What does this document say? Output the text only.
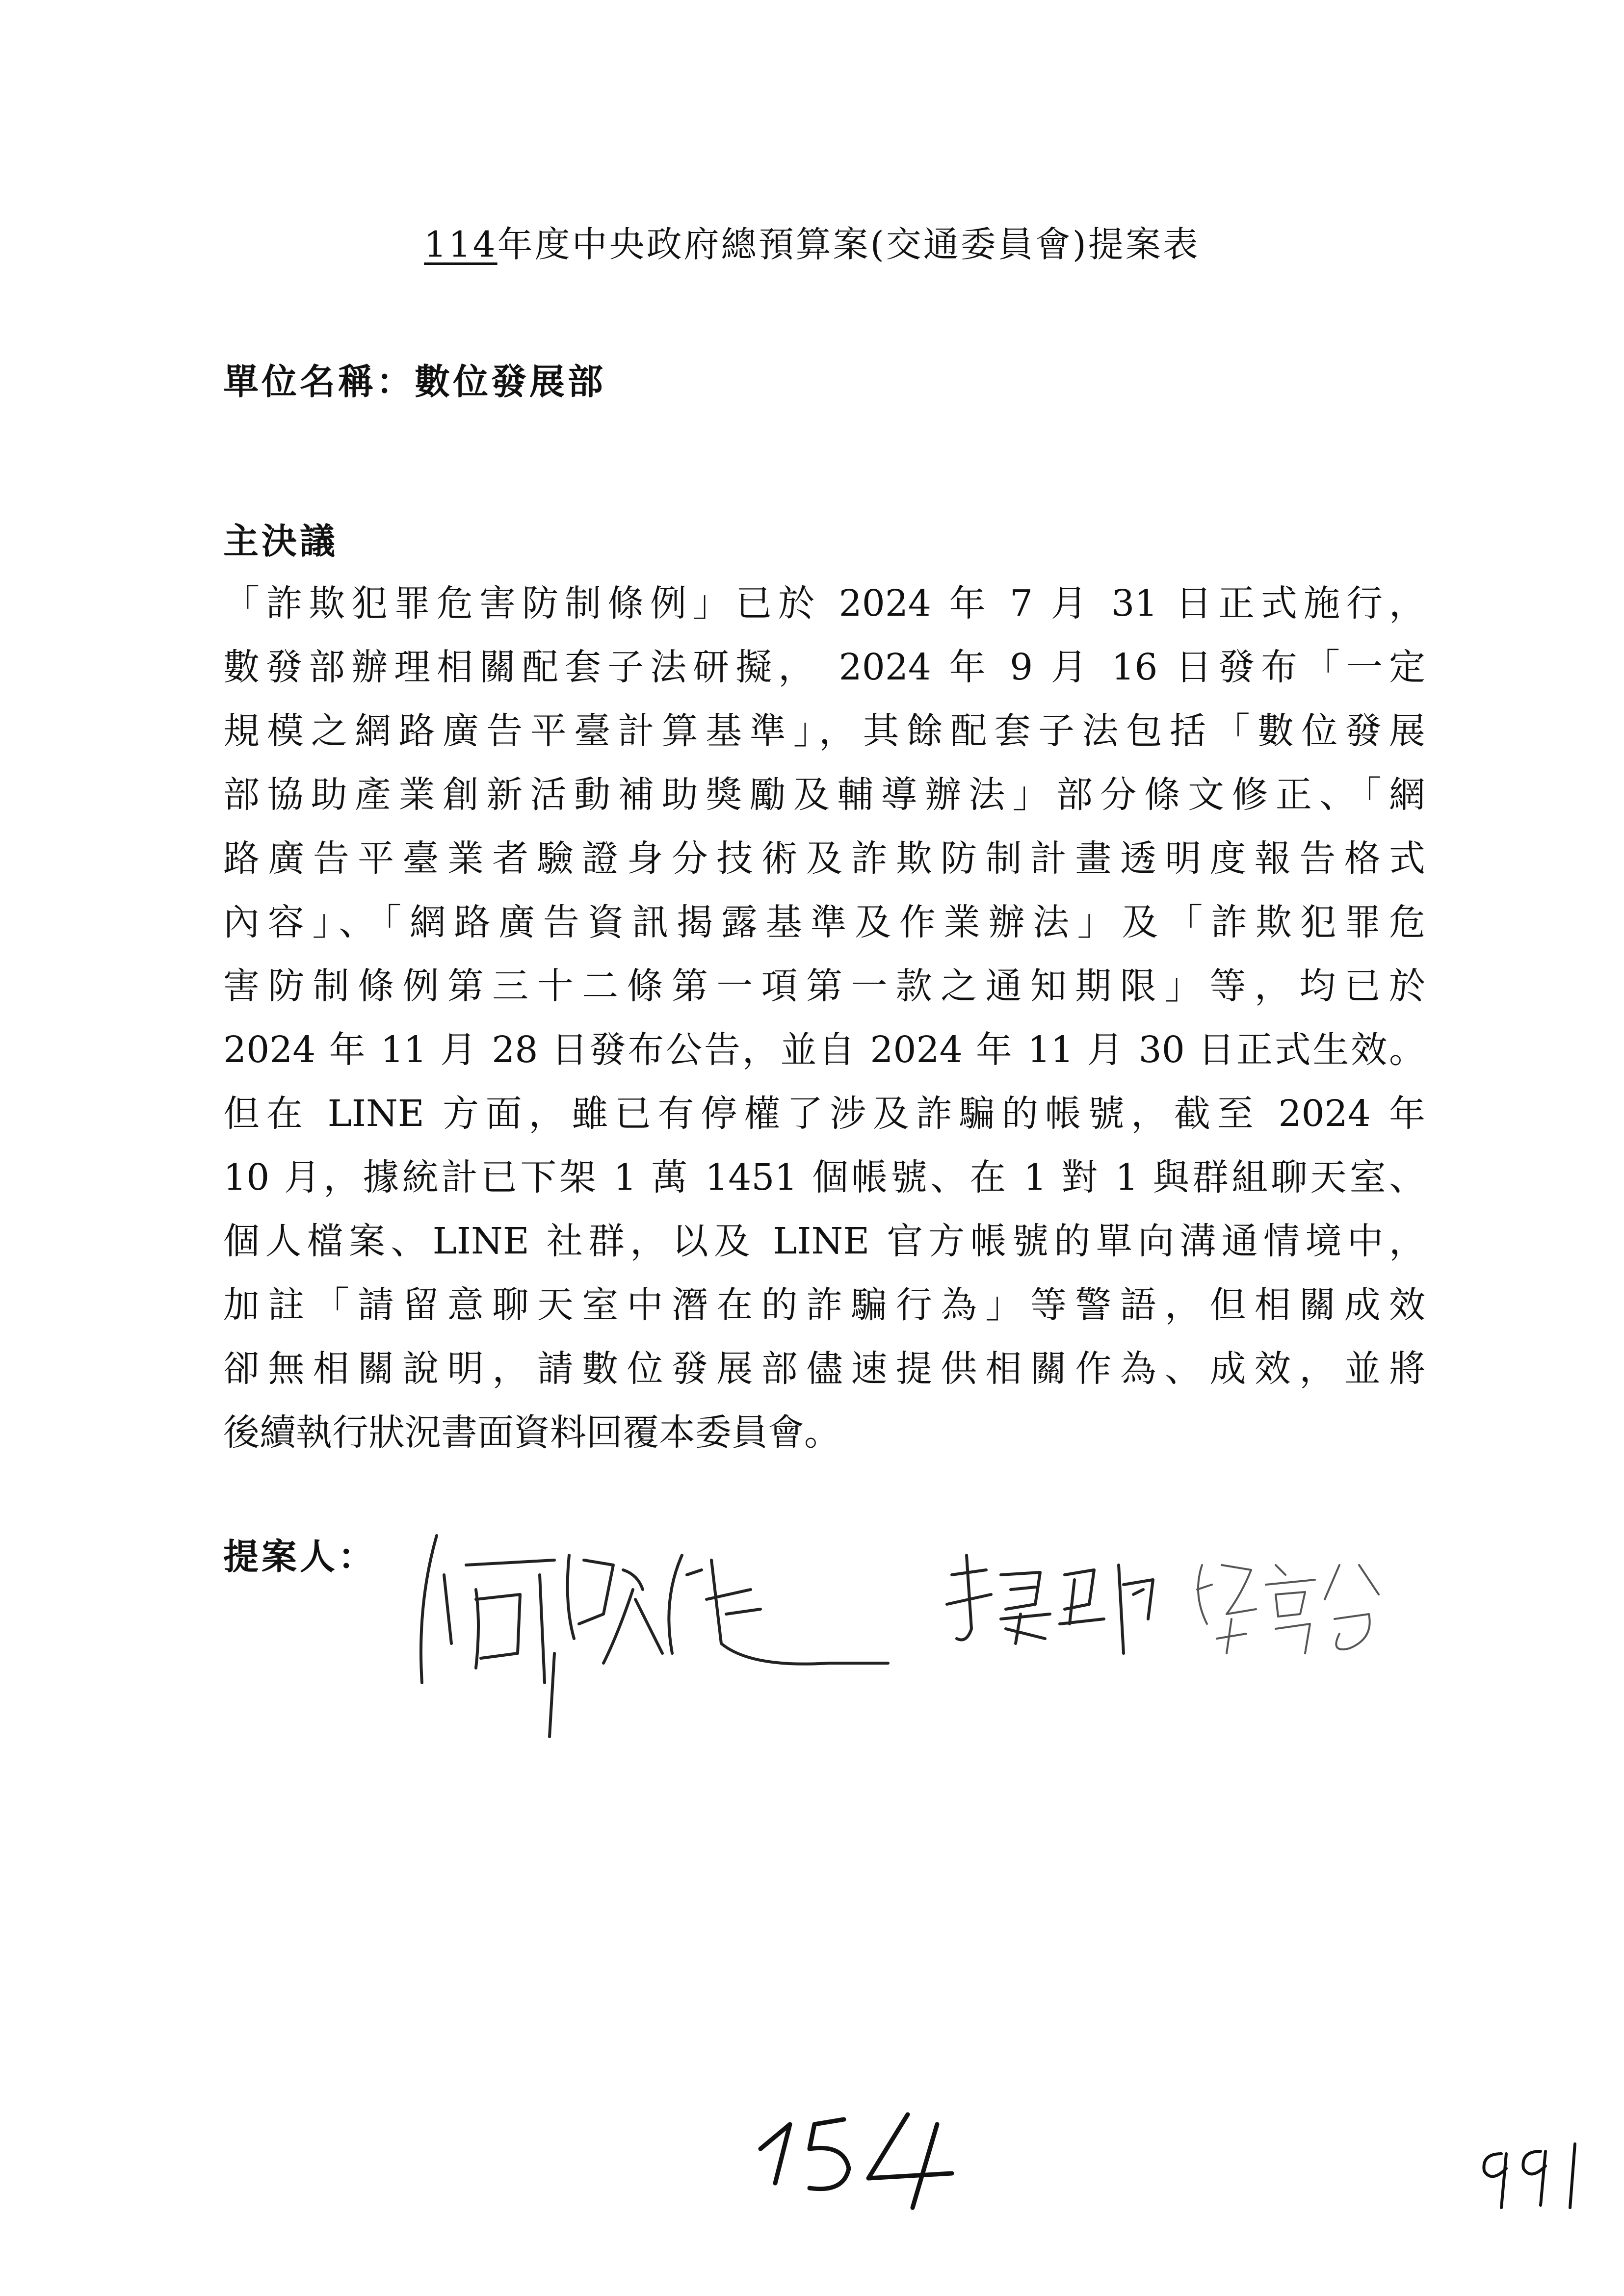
114年度中央政府總預算案(交通委員會)提案表
單位名稱：數位發展部
主決議
「詐欺犯罪危害防制條例」已於 2024 年 7 月 31 日正式施行，
數發部辦理相關配套子法研擬， 2024 年 9 月 16 日發布「一定
規模之網路廣告平臺計算基準」，其餘配套子法包括「數位發展
部協助產業創新活動補助獎勵及輔導辦法」部分條文修正、「網
路廣告平臺業者驗證身分技術及詐欺防制計畫透明度報告格式
內容」、「網路廣告資訊揭露基準及作業辦法」及「詐欺犯罪危
害防制條例第三十二條第一項第一款之通知期限」等，均已於
2024 年 11 月 28 日發布公告，並自 2024 年 11 月 30 日正式生效。
但在 LINE 方面，雖已有停權了涉及詐騙的帳號，截至 2024 年
10 月，據統計已下架 1 萬 1451 個帳號、在 1 對 1 與群組聊天室、
個人檔案、LINE 社群，以及 LINE 官方帳號的單向溝通情境中，
加註「請留意聊天室中潛在的詐騙行為」等警語，但相關成效
卻無相關說明，請數位發展部儘速提供相關作為、成效，並將
後續執行狀況書面資料回覆本委員會。
提案人：
